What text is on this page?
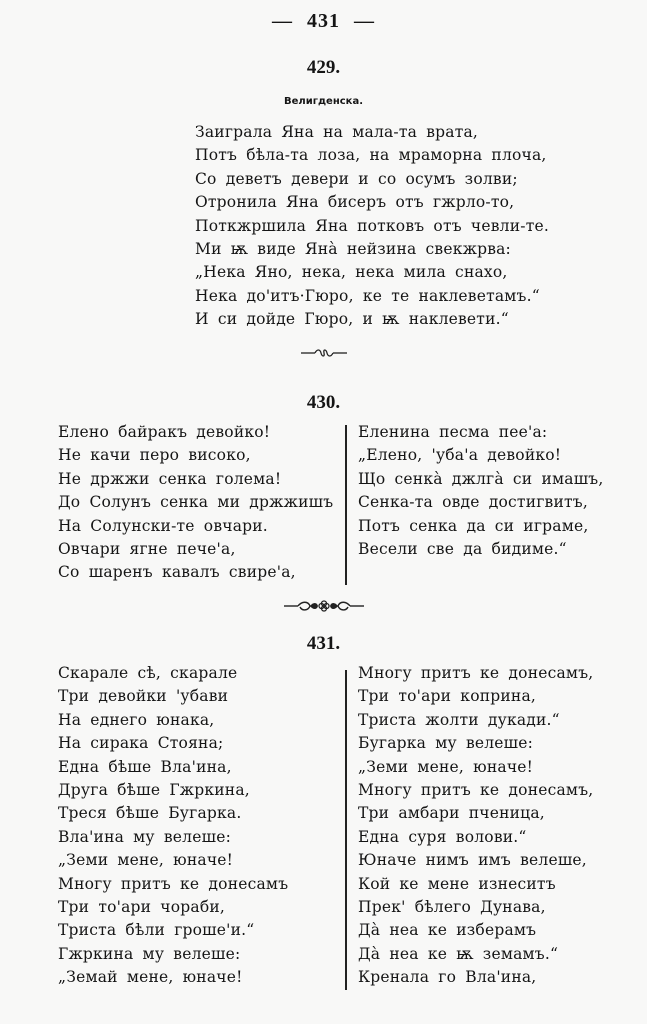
— 431 —
429.
Велигденска.
Заиграла Яна на мала-та врата,
Потъ бѣла-та лоза, на мраморна плоча,
Со деветъ девери и со осумъ золви;
Отронила Яна бисеръ отъ гжрло-то,
Поткжршила Яна потковъ отъ чевли-те.
Ми ѭ виде Янà нейзина свекжрва:
„Нека Яно, нека, нека мила снахо,
Нека до'итъ·Гюро, ке те наклеветамъ.“
И си дойде Гюро, и ѭ наклевети.“
430.
Елено байракъ девойко!
Не качи перо високо,
Не држжи сенка голема!
До Солунъ сенка ми држжишъ
На Солунски-те овчари.
Овчари ягне пече'а,
Со шаренъ кавалъ свире'а,
Еленина песма пее'а:
„Елено, 'уба'а девойко!
Що сенкà джлгà си имашъ,
Сенка-та овде достигвитъ,
Потъ сенка да си играме,
Весели све да бидиме.“
431.
Скарале сѣ, скарале
Три девойки 'убави
На еднего юнака,
На сирака Стояна;
Една бѣше Вла'ина,
Друга бѣше Гжркина,
Треся бѣше Бугарка.
Вла'ина му велеше:
„Земи мене, юначе!
Многу притъ ке донесамъ
Три то'ари чораби,
Триста бѣли гроше'и.“
Гжркина му велеше:
„Земай мене, юначе!
Многу притъ ке донесамъ,
Три то'ари коприна,
Триста жолти дукади.“
Бугарка му велеше:
„Земи мене, юначе!
Многу притъ ке донесамъ,
Три амбари пченица,
Една суря волови.“
Юначе нимъ имъ велеше,
Кой ке мене изнеситъ
Прек' бѣлего Дунава,
Дà неа ке изберамъ
Дà неа ке ѭ земамъ.“
Кренала го Вла'ина,
